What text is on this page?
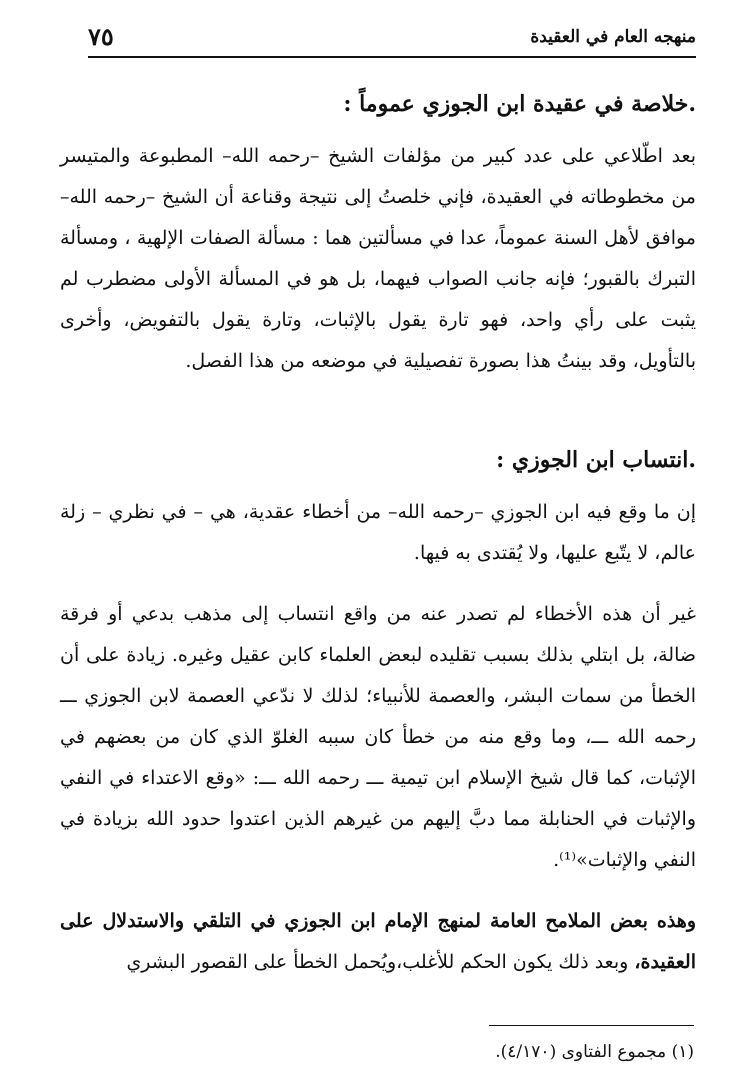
٧٥	منهجه العام في العقيدة
.خلاصة في عقيدة ابن الجوزي عموماً :

بعد اطّلاعي على عدد كبير من مؤلفات الشيخ –رحمه الله– المطبوعة والمتيسر من مخطوطاته في العقيدة، فإني خلصتُ إلى نتيجة وقناعة أن الشيخ –رحمه الله– موافق لأهل السنة عموماً، عدا في مسألتين هما : مسألة الصفات الإلهية ، ومسألة التبرك بالقبور؛ فإنه جانب الصواب فيهما، بل هو في المسألة الأولى مضطرب لم يثبت على رأي واحد، فهو تارة يقول بالإثبات، وتارة يقول بالتفويض، وأخرى بالتأويل، وقد بينتُ هذا بصورة تفصيلية في موضعه من هذا الفصل.

.انتساب ابن الجوزي :

إن ما وقع فيه ابن الجوزي –رحمه الله– من أخطاء عقدية، هي – في نظري – زلة عالم، لا يتّبع عليها، ولا يُقتدى به فيها.

غير أن هذه الأخطاء لم تصدر عنه من واقع انتساب إلى مذهب بدعي أو فرقة ضالة، بل ابتلي بذلك بسبب تقليده لبعض العلماء كابن عقيل وغيره. زيادة على أن الخطأ من سمات البشر، والعصمة للأنبياء؛ لذلك لا ندّعي العصمة لابن الجوزي ـــ رحمه الله ـــ، وما وقع منه من خطأ كان سببه الغلوّ الذي كان من بعضهم في الإثبات، كما قال شيخ الإسلام ابن تيمية ـــ رحمه الله ـــ: «وقع الاعتداء في النفي والإثبات في الحنابلة مما دبَّ إليهم من غيرهم الذين اعتدوا حدود الله بزيادة في النفي والإثبات»⁽¹⁾.

وهذه بعض الملامح العامة لمنهج الإمام ابن الجوزي في التلقي والاستدلال على العقيدة، وبعد ذلك يكون الحكم للأغلب،ويُحمل الخطأ على القصور البشري

(١) مجموع الفتاوى (٤/١٧٠).
